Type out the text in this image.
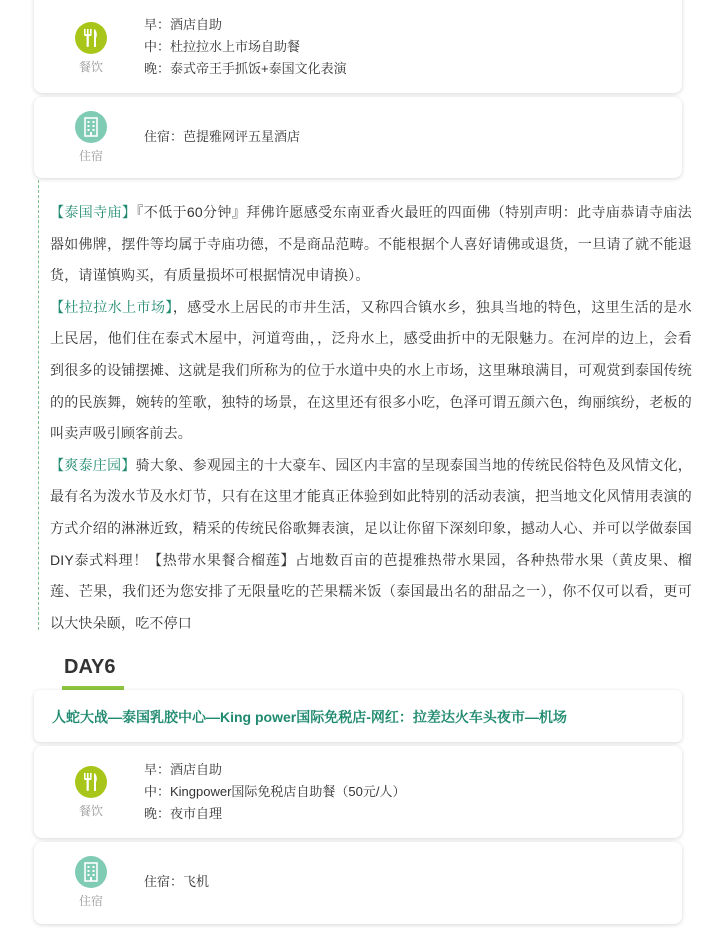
餐饮
早：酒店自助
中：杜拉拉水上市场自助餐
晚：泰式帝王手抓饭+泰国文化表演
住宿
住宿：芭提雅网评五星酒店
【泰国寺庙】『不低于60分钟』拜佛许愿感受东南亚香火最旺的四面佛（特别声明：此寺庙恭请寺庙法器如佛牌，摆件等均属于寺庙功德，不是商品范畴。不能根据个人喜好请佛或退货，一旦请了就不能退货，请谨慎购买，有质量损坏可根据情况申请换）。
【杜拉拉水上市场】，感受水上居民的市井生活，又称四合镇水乡，独具当地的特色，这里生活的是水上民居，他们住在泰式木屋中，河道弯曲，，泛舟水上，感受曲折中的无限魅力。在河岸的边上，会看到很多的设铺摆摊、这就是我们所称为的位于水道中央的水上市场，这里琳琅满目，可观赏到泰国传统的的民族舞，婉转的笙歌，独特的场景，在这里还有很多小吃，色泽可谓五颜六色，绚丽缤纷，老板的叫卖声吸引顾客前去。
【爽泰庄园】骑大象、参观园主的十大豪车、园区内丰富的呈现泰国当地的传统民俗特色及风情文化，最有名为泼水节及水灯节，只有在这里才能真正体验到如此特别的活动表演，把当地文化风情用表演的方式介绍的淋淋近致，精采的传统民俗歌舞表演，足以让你留下深刻印象，撼动人心、并可以学做泰国DIY泰式料理！【热带水果餐合榴莲】占地数百亩的芭提雅热带水果园，各种热带水果（黄皮果、榴莲、芒果，我们还为您安排了无限量吃的芒果糯米饭（泰国最出名的甜品之一），你不仅可以看，更可以大快朵颐，吃不停口
DAY6
人蛇大战—泰国乳胶中心—King power国际免税店-网红：拉差达火车头夜市—机场
餐饮
早：酒店自助
中：Kingpower国际免税店自助餐（50元/人）
晚：夜市自理
住宿
住宿：飞机
